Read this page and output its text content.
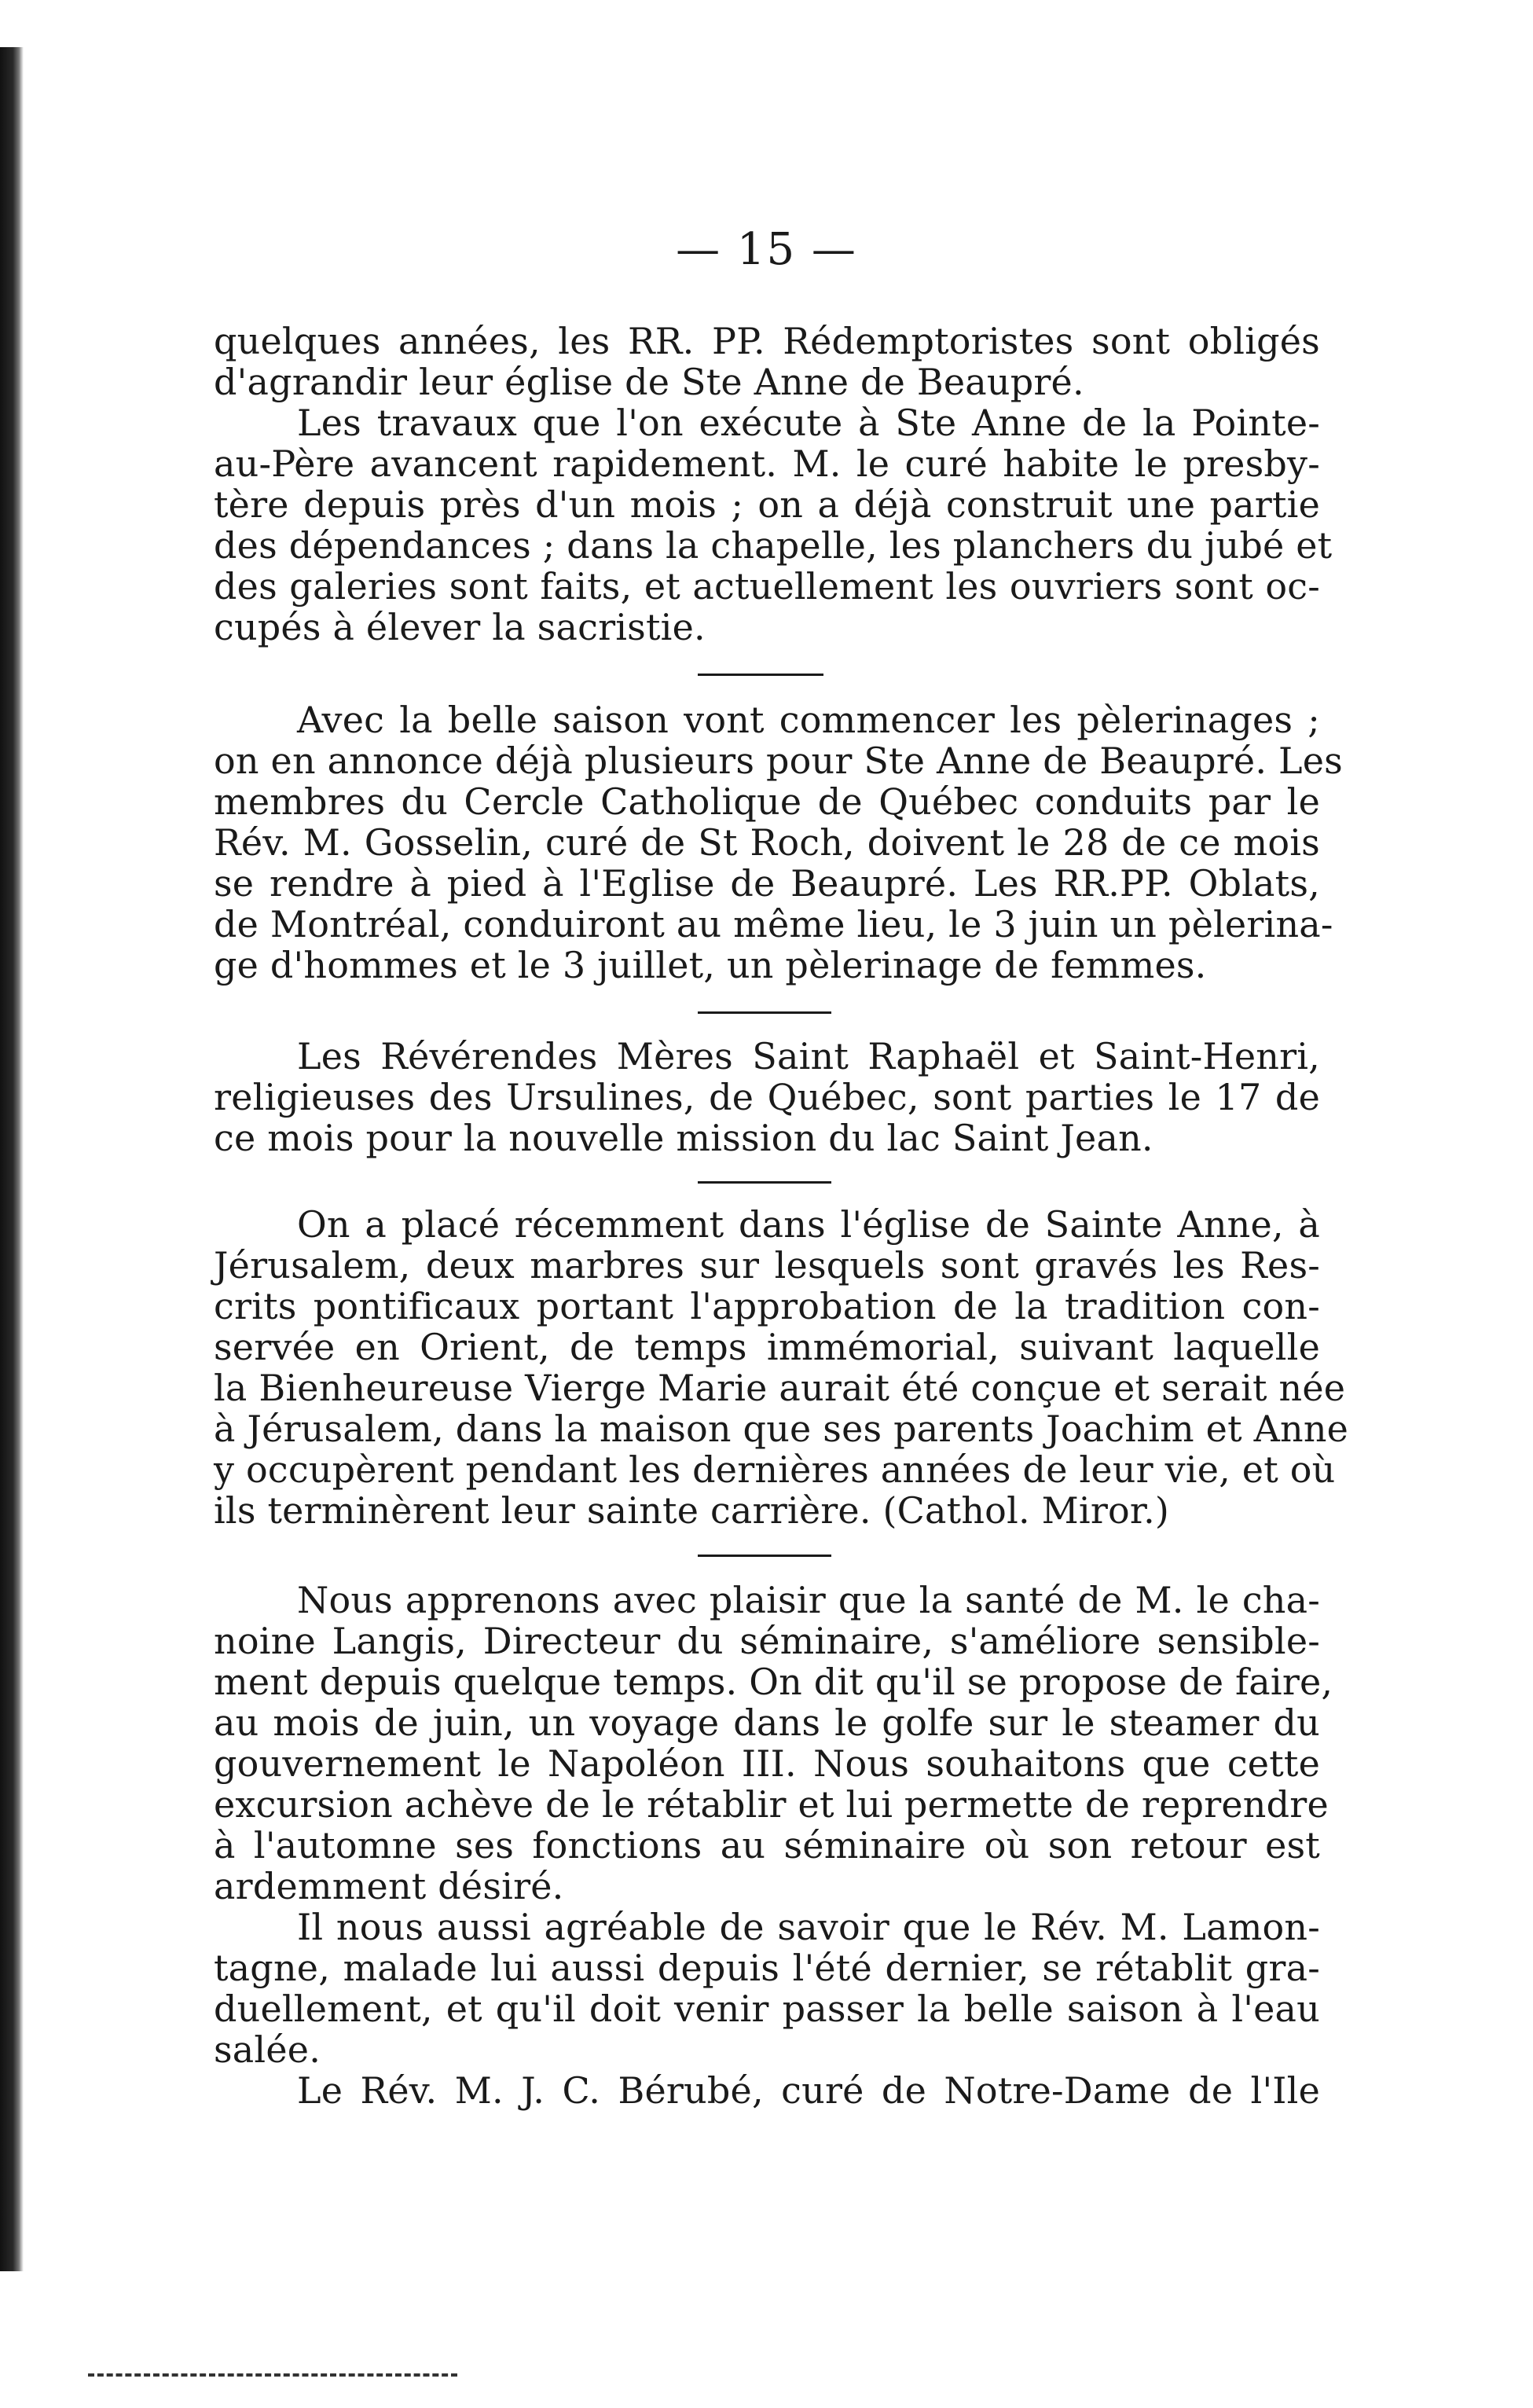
— 15 —
quelques années, les RR. PP. Rédemptoristes sont obligés
d'agrandir leur église de Ste Anne de Beaupré.
Les travaux que l'on exécute à Ste Anne de la Pointe-
au-Père avancent rapidement. M. le curé habite le presby-
tère depuis près d'un mois ; on a déjà construit une partie
des dépendances ; dans la chapelle, les planchers du jubé et
des galeries sont faits, et actuellement les ouvriers sont oc-
cupés à élever la sacristie.
Avec la belle saison vont commencer les pèlerinages ;
on en annonce déjà plusieurs pour Ste Anne de Beaupré. Les
membres du Cercle Catholique de Québec conduits par le
Rév. M. Gosselin, curé de St Roch, doivent le 28 de ce mois
se rendre à pied à l'Eglise de Beaupré. Les RR.PP. Oblats,
de Montréal, conduiront au même lieu, le 3 juin un pèlerina-
ge d'hommes et le 3 juillet, un pèlerinage de femmes.
Les Révérendes Mères Saint Raphaël et Saint-Henri,
religieuses des Ursulines, de Québec, sont parties le 17 de
ce mois pour la nouvelle mission du lac Saint Jean.
On a placé récemment dans l'église de Sainte Anne, à
Jérusalem, deux marbres sur lesquels sont gravés les Res-
crits pontificaux portant l'approbation de la tradition con-
servée en Orient, de temps immémorial, suivant laquelle
la Bienheureuse Vierge Marie aurait été conçue et serait née
à Jérusalem, dans la maison que ses parents Joachim et Anne
y occupèrent pendant les dernières années de leur vie, et où
ils terminèrent leur sainte carrière. (Cathol. Miror.)
Nous apprenons avec plaisir que la santé de M. le cha-
noine Langis, Directeur du séminaire, s'améliore sensible-
ment depuis quelque temps. On dit qu'il se propose de faire,
au mois de juin, un voyage dans le golfe sur le steamer du
gouvernement le Napoléon III. Nous souhaitons que cette
excursion achève de le rétablir et lui permette de reprendre
à l'automne ses fonctions au séminaire où son retour est
ardemment désiré.
Il nous aussi agréable de savoir que le Rév. M. Lamon-
tagne, malade lui aussi depuis l'été dernier, se rétablit gra-
duellement, et qu'il doit venir passer la belle saison à l'eau
salée.
Le Rév. M. J. C. Bérubé, curé de Notre-Dame de l'Ile
